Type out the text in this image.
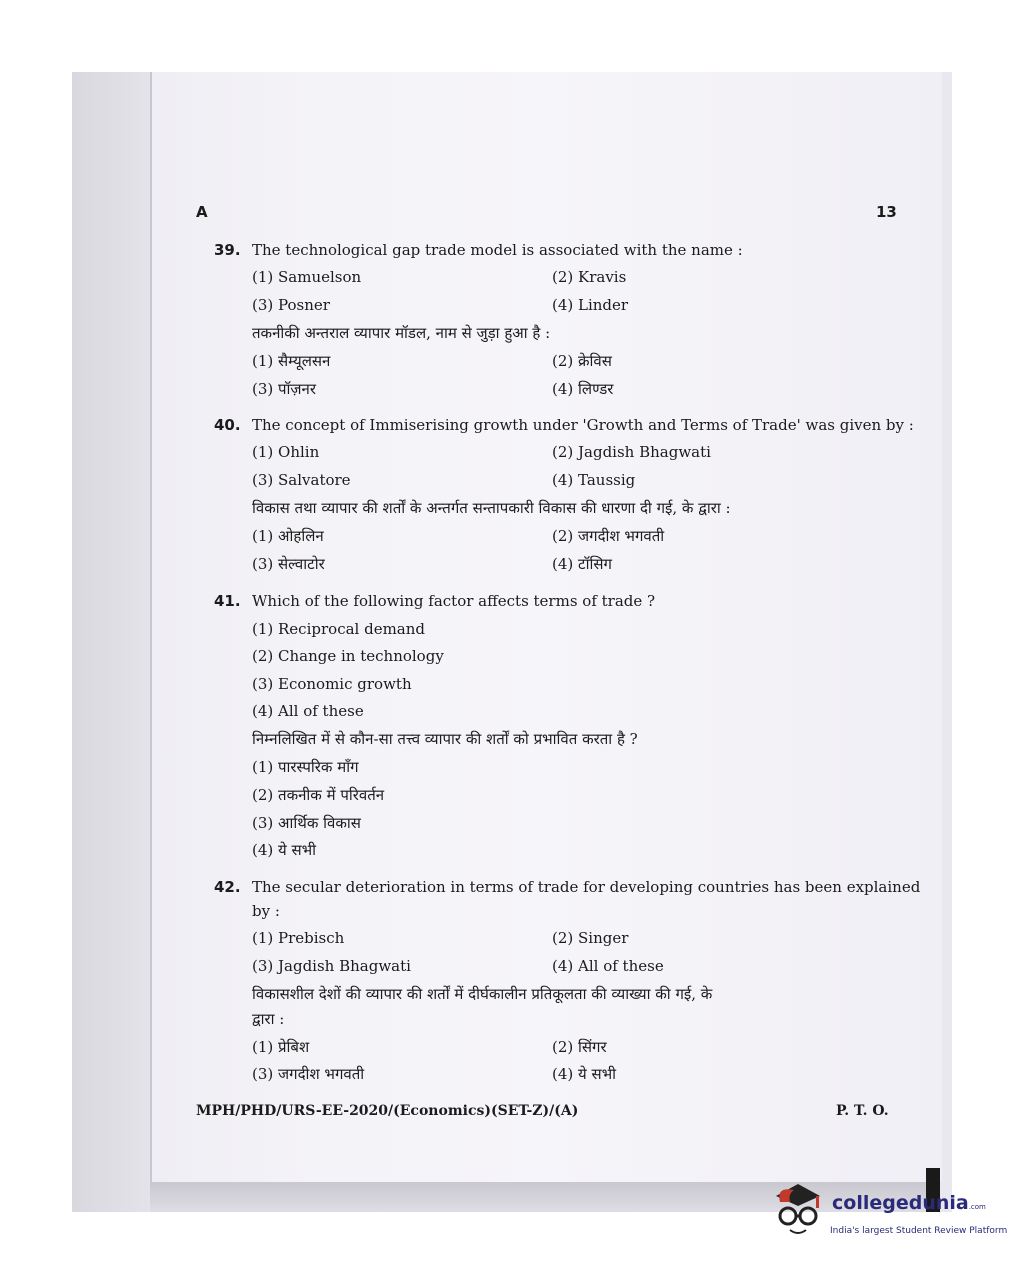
A	13
39. The technological gap trade model is associated with the name :
(1) Samuelson	(2) Kravis
(3) Posner	(4) Linder
तकनीकी अन्तराल व्यापार मॉडल, नाम से जुड़ा हुआ है :
(1) सैम्यूलसन	(2) क्रेविस
(3) पॉज़नर	(4) लिण्डर
40. The concept of Immiserising growth under 'Growth and Terms of Trade' was given by :
(1) Ohlin	(2) Jagdish Bhagwati
(3) Salvatore	(4) Taussig
विकास तथा व्यापार की शर्तों के अन्तर्गत सन्तापकारी विकास की धारणा दी गई, के द्वारा :
(1) ओहलिन	(2) जगदीश भगवती
(3) सेल्वाटोर	(4) टॉसिग
41. Which of the following factor affects terms of trade ?
(1) Reciprocal demand
(2) Change in technology
(3) Economic growth
(4) All of these
निम्नलिखित में से कौन-सा तत्त्व व्यापार की शर्तों को प्रभावित करता है ?
(1) पारस्परिक माँग
(2) तकनीक में परिवर्तन
(3) आर्थिक विकास
(4) ये सभी
42. The secular deterioration in terms of trade for developing countries has been explained
by :
(1) Prebisch	(2) Singer
(3) Jagdish Bhagwati	(4) All of these
विकासशील देशों की व्यापार की शर्तों में दीर्घकालीन प्रतिकूलता की व्याख्या की गई, के
द्वारा :
(1) प्रेबिश	(2) सिंगर
(3) जगदीश भगवती	(4) ये सभी
MPH/PHD/URS-EE-2020/(Economics)(SET-Z)/(A)	P. T. O.
collegedunia.com
India's largest Student Review Platform
